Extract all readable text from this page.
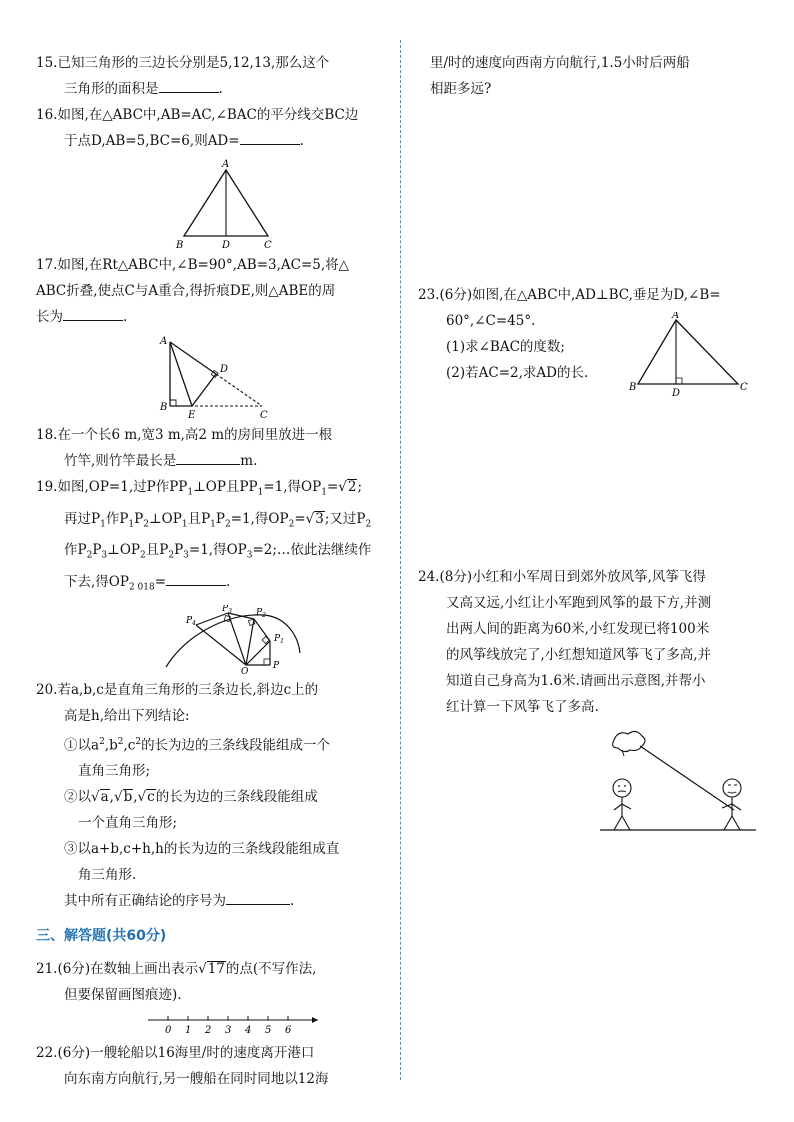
15.已知三角形的三边长分别是5,12,13,那么这个

三角形的面积是	.

16.如图,在△ABC中,AB=AC,∠BAC的平分线交BC边

于点D,AB=5,BC=6,则AD=	.

A
B	D	C

17.如图,在Rt△ABC中,∠B=90°,AB=3,AC=5,将△

ABC折叠,使点C与A重合,得折痕DE,则△ABE的周

长为	.

A
B
E
D
C

18.在一个长6 m,宽3 m,高2 m的房间里放进一根

竹竿,则竹竿最长是	m.

19.如图,OP=1,过P作$PP_1\perp OP$且$PP_1=1$,得$OP_1=√2$;

再过$P_1$作$P_1P_2\perp OP_1$且$P_1P_2=1$,得$OP_2=√3$;又过$P_2$

作$P_2P_3\perp OP_2$且$P_2P_3=1$,得$OP_3=2;\dots$依此法继续作

下去,得$OP_{2 018}=$	.

O
P
$P_1$
$P_2$
$P_3$
$P_4$

20.若a,b,c是直角三角形的三条边长,斜边c上的

高是h,给出下列结论:

①以$a^2,b^2,c^2$的长为边的三条线段能组成一个

直角三角形;

②以√a,√b,√c的长为边的三条线段能组成

一个直角三角形;

③以a+b,c+h,h的长为边的三条线段能组成直

角三角形.

其中所有正确结论的序号为	.

三、解答题(共60分)

21.(6分)在数轴上画出表示√17的点(不写作法,

但要保留画图痕迹).

0 1 2 3 4 5 6

22.(6分)一艘轮船以16海里/时的速度离开港口

向东南方向航行,另一艘船在同时同地以12海

里/时的速度向西南方向航行,1.5小时后两船

相距多远?

23.(6分)如图,在△ABC中,AD⊥BC,垂足为D,∠B=

60°,∠C=45°.

(1)求∠BAC的度数;

(2)若AC=2,求AD的长.

A
B
D
C

24.(8分)小红和小军周日到郊外放风筝,风筝飞得

又高又远,小红让小军跑到风筝的最下方,并测

出两人间的距离为60米,小红发现已将100米

的风筝线放完了,小红想知道风筝飞了多高,并

知道自己身高为1.6米.请画出示意图,并帮小

红计算一下风筝飞了多高.
